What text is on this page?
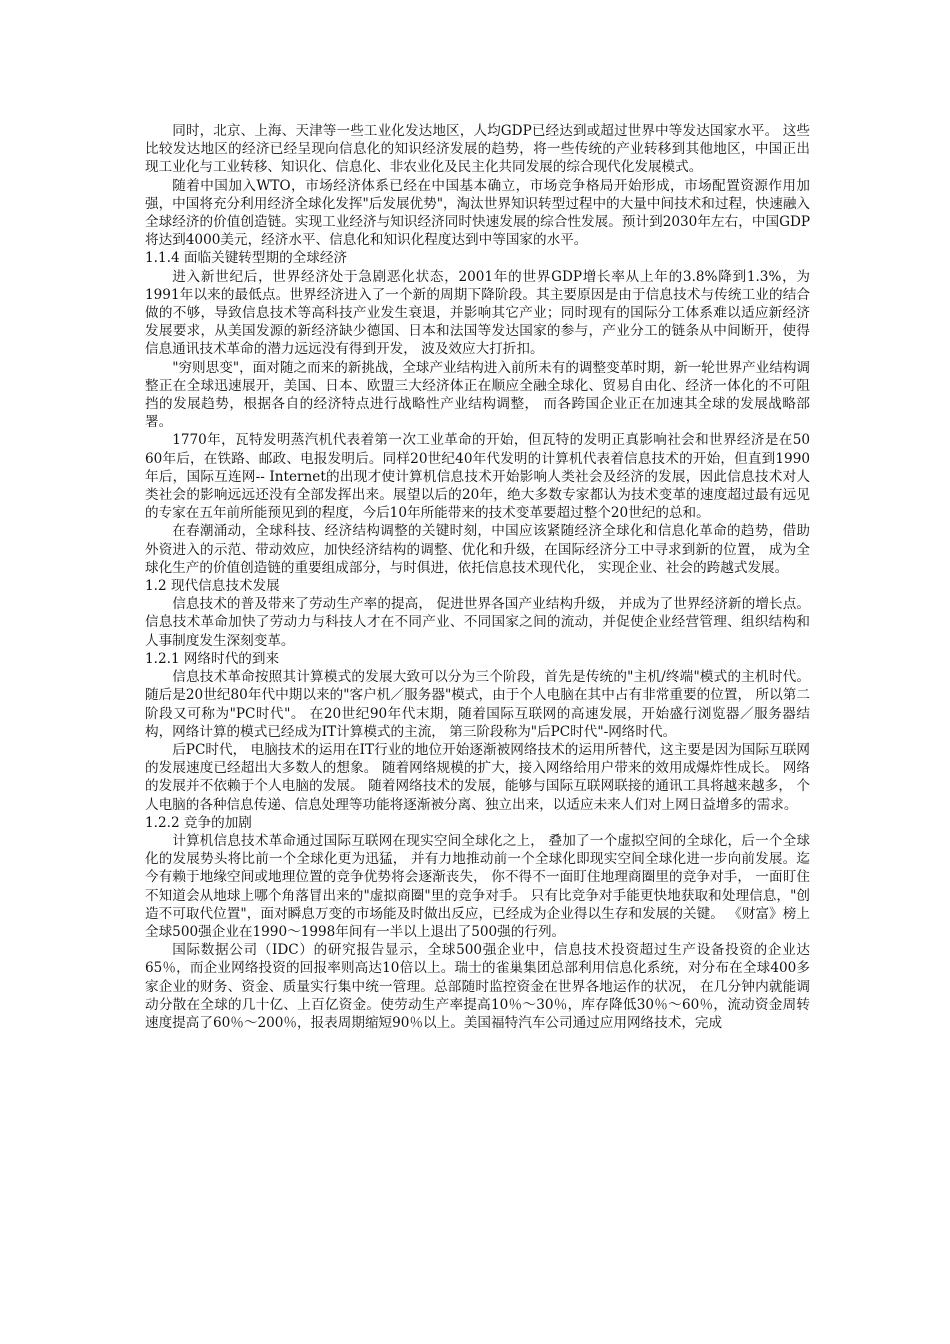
同时，北京、上海、天津等一些工业化发达地区，人均GDP已经达到或超过世界中等发达国家水平。 这些比较发达地区的经济已经呈现向信息化的知识经济发展的趋势，将一些传统的产业转移到其他地区，中国正出现工业化与工业转移、知识化、信息化、非农业化及民主化共同发展的综合现代化发展模式。

随着中国加入WTO，市场经济体系已经在中国基本确立，市场竞争格局开始形成，市场配置资源作用加强，中国将充分利用经济全球化发挥"后发展优势"，淘汰世界知识转型过程中的大量中间技术和过程，快速融入全球经济的价值创造链。实现工业经济与知识经济同时快速发展的综合性发展。预计到2030年左右，中国GDP将达到4000美元，经济水平、信息化和知识化程度达到中等国家的水平。

1.1.4 面临关键转型期的全球经济

进入新世纪后，世界经济处于急剧恶化状态，2001年的世界GDP增长率从上年的3.8%降到1.3%，为1991年以来的最低点。世界经济进入了一个新的周期下降阶段。其主要原因是由于信息技术与传统工业的结合做的不够，导致信息技术等高科技产业发生衰退，并影响其它产业；同时现有的国际分工体系难以适应新经济发展要求，从美国发源的新经济缺少德国、日本和法国等发达国家的参与，产业分工的链条从中间断开，使得信息通讯技术革命的潜力远远没有得到开发， 波及效应大打折扣。

"穷则思变"，面对随之而来的新挑战，全球产业结构进入前所未有的调整变革时期，新一轮世界产业结构调整正在全球迅速展开，美国、日本、欧盟三大经济体正在顺应全融全球化、贸易自由化、经济一体化的不可阻挡的发展趋势，根据各自的经济特点进行战略性产业结构调整， 而各跨国企业正在加速其全球的发展战略部署。

1770年，瓦特发明蒸汽机代表着第一次工业革命的开始，但瓦特的发明正真影响社会和世界经济是在50 60年后，在铁路、邮政、电报发明后。同样20世纪40年代发明的计算机代表着信息技术的开始，但直到1990年后，国际互连网-- Internet的出现才使计算机信息技术开始影响人类社会及经济的发展，因此信息技术对人类社会的影响远远还没有全部发挥出来。展望以后的20年，绝大多数专家都认为技术变革的速度超过最有远见的专家在五年前所能预见到的程度，今后10年所能带来的技术变革要超过整个20世纪的总和。

在春潮涌动，全球科技、经济结构调整的关键时刻，中国应该紧随经济全球化和信息化革命的趋势，借助外资进入的示范、带动效应，加快经济结构的调整、优化和升级，在国际经济分工中寻求到新的位置， 成为全球化生产的价值创造链的重要组成部分，与时俱进，依托信息技术现代化， 实现企业、社会的跨越式发展。

1.2 现代信息技术发展

信息技术的普及带来了劳动生产率的提高， 促进世界各国产业结构升级， 并成为了世界经济新的增长点。信息技术革命加快了劳动力与科技人才在不同产业、不同国家之间的流动，并促使企业经营管理、组织结构和人事制度发生深刻变革。

1.2.1 网络时代的到来

信息技术革命按照其计算模式的发展大致可以分为三个阶段，首先是传统的"主机/终端"模式的主机时代。随后是20世纪80年代中期以来的"客户机／服务器"模式，由于个人电脑在其中占有非常重要的位置， 所以第二阶段又可称为"PC时代"。 在20世纪90年代末期，随着国际互联网的高速发展，开始盛行浏览器／服务器结构，网络计算的模式已经成为IT计算模式的主流， 第三阶段称为"后PC时代"-网络时代。

后PC时代， 电脑技术的运用在IT行业的地位开始逐渐被网络技术的运用所替代，这主要是因为国际互联网的发展速度已经超出大多数人的想象。 随着网络规模的扩大，接入网络给用户带来的效用成爆炸性成长。 网络的发展并不依赖于个人电脑的发展。 随着网络技术的发展，能够与国际互联网联接的通讯工具将越来越多， 个人电脑的各种信息传递、信息处理等功能将逐渐被分离、独立出来，以适应未来人们对上网日益增多的需求。

1.2.2 竞争的加剧

计算机信息技术革命通过国际互联网在现实空间全球化之上， 叠加了一个虚拟空间的全球化，后一个全球化的发展势头将比前一个全球化更为迅猛， 并有力地推动前一个全球化即现实空间全球化进一步向前发展。迄今有赖于地缘空间或地理位置的竞争优势将会逐渐丧失， 你不得不一面盯住地理商圈里的竞争对手， 一面盯住不知道会从地球上哪个角落冒出来的"虚拟商圈"里的竞争对手。 只有比竞争对手能更快地获取和处理信息，"创造不可取代位置"，面对瞬息万变的市场能及时做出反应，已经成为企业得以生存和发展的关键。 《财富》榜上全球500强企业在1990～1998年间有一半以上退出了500强的行列。

国际数据公司（IDC）的研究报告显示，全球500强企业中，信息技术投资超过生产设备投资的企业达65％，而企业网络投资的回报率则高达10倍以上。瑞士的雀巢集团总部利用信息化系统，对分布在全球400多家企业的财务、资金、质量实行集中统一管理。总部随时监控资金在世界各地运作的状况， 在几分钟内就能调动分散在全球的几十亿、上百亿资金。使劳动生产率提高10％～30％，库存降低30％～60％，流动资金周转速度提高了60％～200％，报表周期缩短90％以上。美国福特汽车公司通过应用网络技术，完成
